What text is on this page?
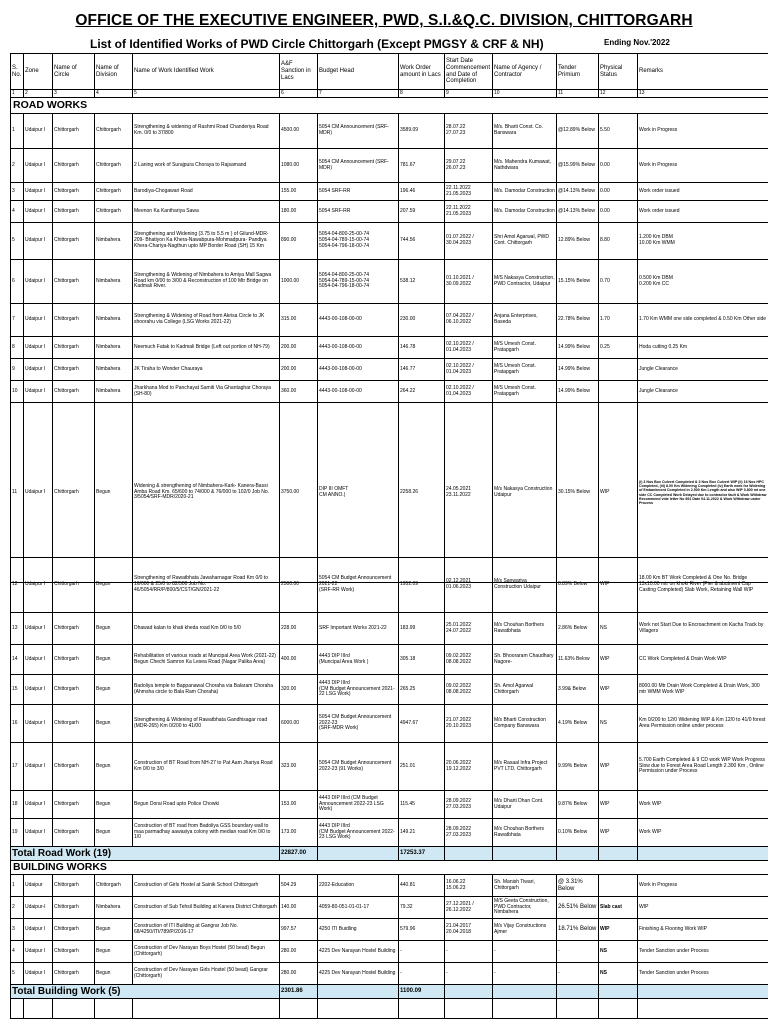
OFFICE OF THE EXECUTIVE ENGINEER, PWD, S.I.&Q.C. DIVISION, CHITTORGARH
List of Identified Works of PWD Circle Chittorgarh (Except PMGSY & CRF & NH)	Ending Nov.'2022
S. No.	Zone	Name of Circle	Name of Division	Name of Work Identified Work	A&F Sanction in Lacs	Budget Head	Work Order amount in Lacs	Start Date Commencement and Date of Completion	Name of Agency / Contractor	Tender Primium	Physical Status	Remarks
1	2	3	4	5	6	7	8	9	10	11	12	13
ROAD WORKS												
1	Udaipur I	Chittorgarh	Chittorgarh	Strengthening & widening of Rashmi Road Chanderiya Road Km. 0/0 to 37/800	4500.00	5054 CM Announcement (SRF-MDR)	3589.09	28.07.22
27.07.23	M/s. Bharti Const. Co. Banswara	@12.89% Below	5.50	Work in Progress
2	Udaipur I	Chittorgarh	Chittorgarh	2 Laning work of Surajpura Choraya to Rajsamand	1080.00	5054 CM Announcement (SRF-MDR)	781.67	29.07.22
26.07.23	M/s. Mahendra Kumawat, Nathdwara	@15.99% Below	0.00	Work in Progress
3	Udaipur I	Chittorgarh	Chittorgarh	Barodiya-Chogawari Road	155.00	5054 SRF-RR	196.46	22.11.2022
21.05.2023	M/s. Damodar Construction	@14.13% Below	0.00	Work order issued
4	Udaipur I	Chittorgarh	Chittorgarh	Meenon Ka Kanthariya Sawa	180.00	5054 SRF-RR	207.59	22.11.2022
21.05.2023	M/s. Damodar Construction	@14.13% Below	0.00	Work order issued
5	Udaipur I	Chittorgarh	Nimbahera	Strengthening and Widening (3.75 to 5.5 m ) of Gilund-MDR-209- Bhatiyon Ka Khera-Nawabpura-Mohmadpura- Pandiya Khera-Chariya-Nagthun upto MP Border Road (SH) 15 Km	890.00	5054-04-800-25-00-74
5054-04-789-15-00-74
5054-04-796-18-00-74	744.56	01.07.2022 /
30.04.2023	Shri Amol Agarwal, PWD Cont. Chittorgarh	12.89% Below	8.80	1.200 Km DBM
10.00 Km WMM
6	Udaipur I	Chittorgarh	Nimbahera	Strengthening & Widening of Nimbahera to Amiya Mall Sagwa Road km 0/00 to 3/00 & Reconstruction of 100 Mtr Bridge on Kadmali River.	1000.00	5054-04-800-25-00-74
5054-04-789-15-00-74
5054-04-796-18-00-74	538.12	01.10.2021 /
30.09.2022	M/S Nakasya Construction, PWD Contractor, Udaipur	15.15% Below	0.70	0.500 Km DBM
0.200 Km CC
7	Udaipur I	Chittorgarh	Nimbahera	Strengthening & Widening of Road from Akrisa Circle to JK shoorahu via College (LSG Works 2021-22)	315.00	4443-00-108-00-00	230.00	07.04.2022 /
06.10.2022	Anjana Enterprises, Baseda	22.78% Below	1.70	1.70 Km WMM one side completed & 0.50 Km Other side
8	Udaipur I	Chittorgarh	Nimbahera	Neemuch Fatak to Kadmali Bridge (Left out portion of NH-79)	200.00	4443-00-108-00-00	146.78	02.10.2022 /
01.04.2023	M/S Umesh Const. Pratapgarh	14.99% Below	0.25	Hoda cutting 0.25 Km
9	Udaipur I	Chittorgarh	Nimbahera	JK Tiraha to Wonder Chauraya	200.00	4443-00-108-00-00	146.77	02.10.2022 /
01.04.2023	M/S Umesh Const. Pratapgarh	14.99% Below		Jungle Clearance
10	Udaipur I	Chittorgarh	Nimbahera	Jharkhana Mod to Panchayat Samiti Via Ghantaghar Choraya (SH-80)	360.00	4443-00-108-00-00	264.22	02.10.2022 /
01.04.2023	M/S Umesh Const. Pratapgarh	14.99% Below		Jungle Clearance
11	Udaipur I	Chittorgarh	Begun	Widening & strengthening of Nimbahera-Kark- Kanera-Bassi Amba Road Km. 65/600 to 74/000 & 76/000 to 102/0 Job No. 3/5054/SRF-MDR/2020-21	3750.00	DIP III OMFT
CM ANNO.)	2258.26	24.05.2021
23.11.2022	M/s Nakasya Construction Udaipur	30.15% Below	WIP	(i) 3 Nos Box Culvert Completed & 3 Nos Box Culvert WIP (ii) 16 Nos HPC Completed, (iii) 8.00 Km Widening Completed (iv) Earth work for Widening of Embankment Completed in 2.500 Km Length and also WIP 0.800 mt one side CC Completed Work Delayed due to contractor fault & Work Withdraw Recommend vide letter No 891 Date 04.11.2022 & Work Withdraw under Process
12	Udaipur I	Chittorgarh	Begun	Strengthening of Rawatbhata Jawaharnagar Road Km 0/0 to 16/000 & 25/0 to 82/500 Job No. 46/5054/RR/P/800/5/CST/GN/2021-22	2500.00	5054 CM Budget Announcement 2021-22
(SRF-RR Work)	1952.09	02.12.2021
01.06.2023	M/s Sanwariya Construction Udaipur	8.89% Below	WIP	18.00 Km BT Work Completed & One No. Bridge 13x10.00 mtr on khoki River (Pier & abutment Cap Casting Completed) Slab Work, Retaining Wall WIP
13	Udaipur I	Chittorgarh	Begun	Dhawad kalan to khati kheda road Km 0/0 to 5/0	228.00	SRF Important Works 2021-22	183.99	25.01.2022
24.07.2022	M/s Chouhan Borthers Rawatbhata	2.86% Below	NS	Work not Start Due to Encroachment on Kacha Track by Villagers
14	Udaipur I	Chittorgarh	Begun	Rehabilitation of various roads at Muncipal Area Work (2021-22) Begun Chechi Samron Ka Lesea Road (Nagar Palika Area)	400.00	4443 DIP IIIrd
(Muncipal Area Work )	305.18	09.02.2022
08.08.2022	Sh. Bhooraram Chaudhary Nagore-	11.63% Below	WIP	CC Work Completed & Drain Work WIP
15	Udaipur I	Chittorgarh	Begun	Badoliya temple to Bappanawal Choraha via Balaram Choraha (Ahmsha circle to Bala Ram Choraha)	320.00	4443 DIP IIIrd
(CM Budget Announcement 2021-22 LSG Work)	265.25	09.02.2022
08.08.2022	Sh. Amol Agarwal Chittorgarh	3.99& Below	WIP	8000.00 Mtr Drain Work Completed & Drain Work, 300 mtr WMM Work WIP
16	Udaipur I	Chittorgarh	Begun	Strengthening & Widening of Rawatbhata Gandhisagar road
(MDR-265) Km 0/200 to 41/00	6000.00	5054 CM Budget Announcement 2022-23
(SRF-MDR Work)	4947.67	21.07.2022
20.10.2023	M/s Bharti Construction Company Banswara	4.19% Below	NS	Km 0/200 to 12/0 Widening WIP & Km 12/0 to 41/0 forest Area Permission online under process
17	Udaipur I	Chittorgarh	Begun	Construction of BT Road from NH-27 to Pat Aam Jhariya Road Km 0/0 to 3/0	323.00	5054 CM Budget Announcement 2022-23 (91 Works)	251.01	20.06.2022
19.12.2022	M/s Rasaal Infra Project PVT LTD. Chittorgarh	9.99% Below	WIP	5.700 Earth Completed & 9 CD work WIP Work Progress Slow due to Forest Area Road Length 2.300 Km , Online Permission under Process
18	Udaipur I	Chittorgarh	Begun	Begun Dorai Road upto Police Chowki	153.00	4443 DIP IIIrd (CM Budget Announcement 2022-23 LSG Work)	115.45	28.09.2022
27.03.2023	M/s Dharti Dhan Cont. Udaipur	9.87% Below	WIP	Work WIP
19	Udaipur I	Chittorgarh	Begun	Construction of BT road from Badoliya GSS boundary wall to maa parmadhay aawasiya colony with median road Km 0/0 to 1/0	173.00	4443 DIP IIIrd
(CM Budget Announcement 2022-23 LSG Work)	149.21	28.09.2022
27.03.2023	M/s Chouhan Borthers Rawatbhata	0.10% Below	WIP	Work WIP
Total Road Work (19)					22827.00		17253.37					
BUILDING WORKS												
1	Udaipur	Chittorgarh	Chittorgarh	Construction of Girls Hostel at Sainik School Chittorgarh	504.29	2202-Education	440.81	16.06.22
15.06.23	Sh. Manish Tiwari, Chittorgarh	@ 3.31% Below		Work in Progress
2	Udaipur-I	Chittorgarh	Nimbahera	Construction of Sub Tehsil Building at Kanera District Chittorgarh	140.00	4059-80-051-01-01-17	79.32	27.12.2021 /
26.12.2022	M/S Geeta Construction, PWD Contractor, Nimbahera	26.51% Below	Slab cast	WIP
3	Udaipur I	Chittorgarh	Begun	Construction of ITI Building at Gangrar Job No. 68/4250/ITI/789/P/2016-17	997.57	4250 ITI Buidling	579.96	21.04.2017
20.04.2018	M/s Vijay Constructions Ajmer	18.71% Below	WIP	Finishing & Flooring Work WIP
4	Udaipur I	Chittorgarh	Begun	Construction of Dev Narayan Boys Hostel (50 bead) Begun (Chittorgarh)	280.00	4225 Dev Narayan Hostel Building	-	-	-	-	NS	Tender Sanction under Process
5	Udaipur I	Chittorgarh	Begun	Construction of Dev Narayan Girls Hostel (50 bead) Gangrar (Chittorgarh)	280.00	4225 Dev Narayan Hostel Building	-	-	-	-	NS	Tender Sanction under Process
Total Building Work (5)					2301.86		1100.09					
